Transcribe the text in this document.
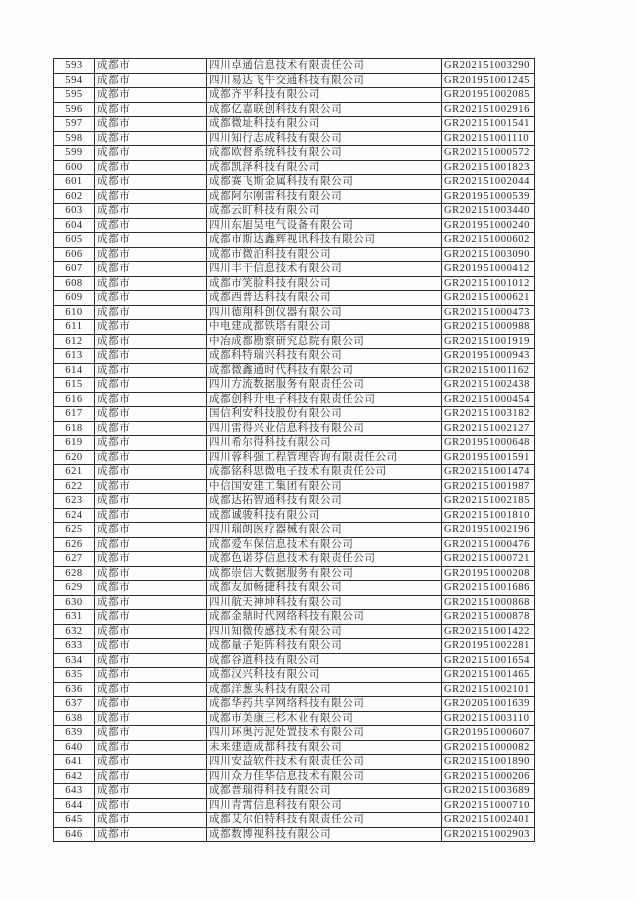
593	成都市	四川卓通信息技术有限责任公司	GR202151003290
594	成都市	四川易达飞牛交通科技有限公司	GR201951001245
595	成都市	成都齐平科技有限公司	GR201951002085
596	成都市	成都亿嘉联创科技有限公司	GR202151002916
597	成都市	成都微址科技有限公司	GR202151001541
598	成都市	四川知行志成科技有限公司	GR202151001110
599	成都市	成都欧督系统科技有限公司	GR202151000572
600	成都市	成都凯泽科技有限公司	GR202151001823
601	成都市	成都赛飞斯金属科技有限公司	GR202151002044
602	成都市	成都阿尔刚雷科技有限公司	GR201951000539
603	成都市	成都云盯科技有限公司	GR202151003440
604	成都市	四川东旭昊电气设备有限公司	GR201951000240
605	成都市	成都市斯达鑫辉视讯科技有限公司	GR202151000602
606	成都市	成都市微泊科技有限公司	GR202151003090
607	成都市	四川丰干信息技术有限公司	GR201951000412
608	成都市	成都市笑脸科技有限公司	GR202151001012
609	成都市	成都西普达科技有限公司	GR202151000621
610	成都市	四川德翔科创仪器有限公司	GR202151000473
611	成都市	中电建成都铁塔有限公司	GR202151000988
612	成都市	中冶成都勘察研究总院有限公司	GR202151001919
613	成都市	成都科特瑞兴科技有限公司	GR201951000943
614	成都市	成都微鑫通时代科技有限公司	GR202151001162
615	成都市	四川方流数据服务有限责任公司	GR202151002438
616	成都市	成都创科升电子科技有限责任公司	GR202151000454
617	成都市	国信利安科技股份有限公司	GR202151003182
618	成都市	四川雷得兴业信息科技有限公司	GR202151002127
619	成都市	四川希尔得科技有限公司	GR201951000648
620	成都市	四川蓉科强工程管理咨询有限责任公司	GR201951001591
621	成都市	成都铭科思微电子技术有限责任公司	GR202151001474
622	成都市	中信国安建工集团有限公司	GR202151001987
623	成都市	成都达拓智通科技有限公司	GR202151002185
624	成都市	成都诚骏科技有限公司	GR202151001810
625	成都市	四川瑞朗医疗器械有限公司	GR201951002196
626	成都市	成都爱车保信息技术有限公司	GR202151000476
627	成都市	成都色诺芬信息技术有限责任公司	GR202151000721
628	成都市	成都崇信大数据服务有限公司	GR201951000208
629	成都市	成都友加畅捷科技有限公司	GR202151001686
630	成都市	四川航天神坤科技有限公司	GR202151000868
631	成都市	成都金鼎时代网络科技有限公司	GR202151000878
632	成都市	四川知微传感技术有限公司	GR202151001422
633	成都市	成都量子矩阵科技有限公司	GR201951002281
634	成都市	成都谷道科技有限公司	GR202151001654
635	成都市	成都汉兴科技有限公司	GR202151001465
636	成都市	成都洋葱头科技有限公司	GR202151002101
637	成都市	成都华药共享网络科技有限公司	GR202051001639
638	成都市	成都市美康三杉木业有限公司	GR202151003110
639	成都市	四川环奥污泥处置技术有限公司	GR201951000607
640	成都市	未来建造成都科技有限公司	GR202151000082
641	成都市	四川安益软件技术有限责任公司	GR202151001890
642	成都市	四川众力佳华信息技术有限公司	GR202151000206
643	成都市	成都普瑞得科技有限公司	GR202151003689
644	成都市	四川青霄信息科技有限公司	GR202151000710
645	成都市	成都艾尔伯特科技有限责任公司	GR202151002401
646	成都市	成都数博视科技有限公司	GR202151002903
